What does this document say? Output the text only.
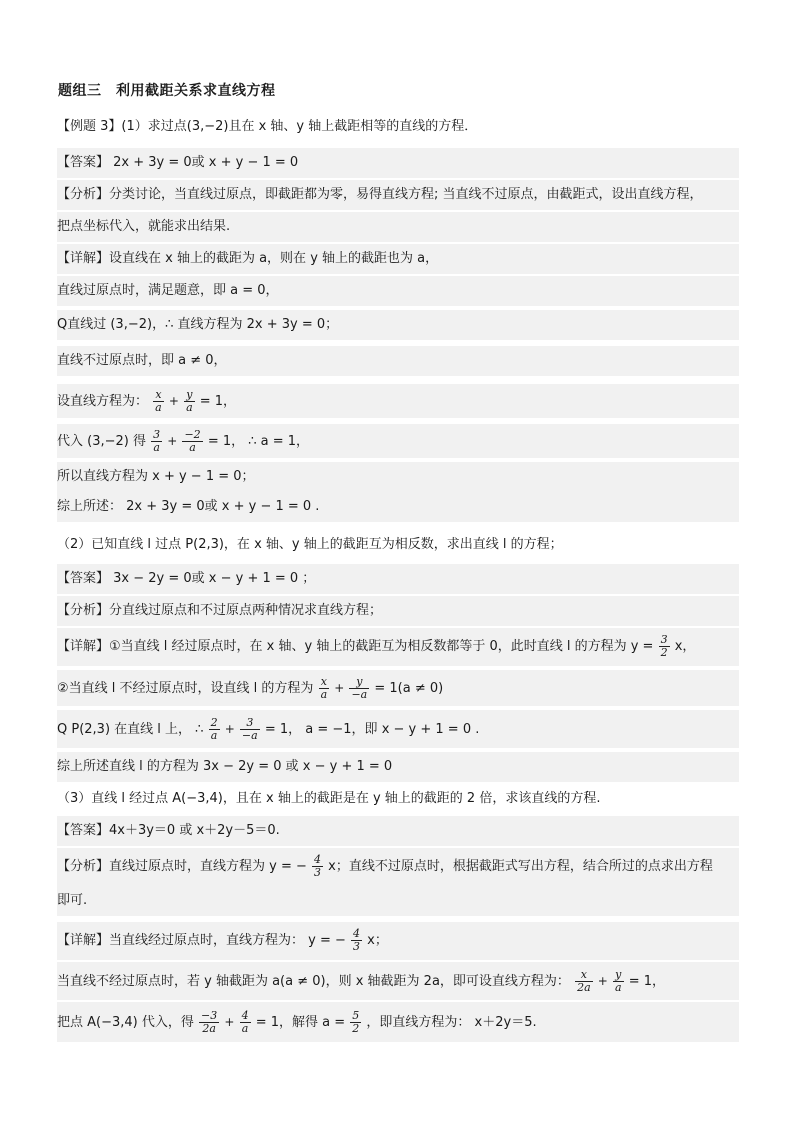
题组三　利用截距关系求直线方程
【例题 3】(1）求过点(3,−2)且在 x 轴、y 轴上截距相等的直线的方程．
【答案】 2x + 3y = 0或 x + y − 1 = 0
【分析】分类讨论，当直线过原点，即截距都为零，易得直线方程; 当直线不过原点，由截距式，设出直线方程，
把点坐标代入，就能求出结果.
【详解】设直线在 x 轴上的截距为 a，则在 y 轴上的截距也为 a，
直线过原点时，满足题意，即 a = 0，
Q直线过 (3,−2)，∴ 直线方程为 2x + 3y = 0；
直线不过原点时，即 a ≠ 0，
设直线方程为： $\frac{x}{a} + \frac{y}{a} = 1$，
代入 (3,−2) 得 $\frac{3}{a} + \frac{-2}{a} = 1$， ∴ a = 1，
所以直线方程为 x + y − 1 = 0；
综上所述： 2x + 3y = 0或 x + y − 1 = 0 .
（2）已知直线 l 过点 P(2,3)，在 x 轴、y 轴上的截距互为相反数，求出直线 l 的方程；
【答案】 3x − 2y = 0或 x − y + 1 = 0 ；
【分析】分直线过原点和不过原点两种情况求直线方程；
【详解】①当直线 l 经过原点时，在 x 轴、y 轴上的截距互为相反数都等于 0，此时直线 l 的方程为 $y = \frac{3}{2}$ x，
②当直线 l 不经过原点时，设直线 l 的方程为 $\frac{x}{a} + \frac{y}{-a} = 1(a \ne 0)$
Q P(2,3) 在直线 l 上， ∴ $\frac{2}{a} + \frac{3}{-a} = 1$， a = −1，即 x − y + 1 = 0 .
综上所述直线 l 的方程为 3x − 2y = 0 或 x − y + 1 = 0
（3）直线 l 经过点 A(−3,4)，且在 x 轴上的截距是在 y 轴上的截距的 2 倍，求该直线的方程.
【答案】4x＋3y＝0 或 x＋2y－5＝0.
【分析】直线过原点时，直线方程为 y = − $\frac{4}{3}$ x；直线不过原点时，根据截距式写出方程，结合所过的点求出方程
即可.
【详解】当直线经过原点时，直线方程为： y = − $\frac{4}{3}$ x；
当直线不经过原点时，若 y 轴截距为 a(a ≠ 0)，则 x 轴截距为 2a，即可设直线方程为： $\frac{x}{2a} + \frac{y}{a} = 1$，
把点 A(−3,4) 代入，得 $\frac{-3}{2a} + \frac{4}{a} = 1$，解得 $a = \frac{5}{2}$ ，即直线方程为： x＋2y＝5.
